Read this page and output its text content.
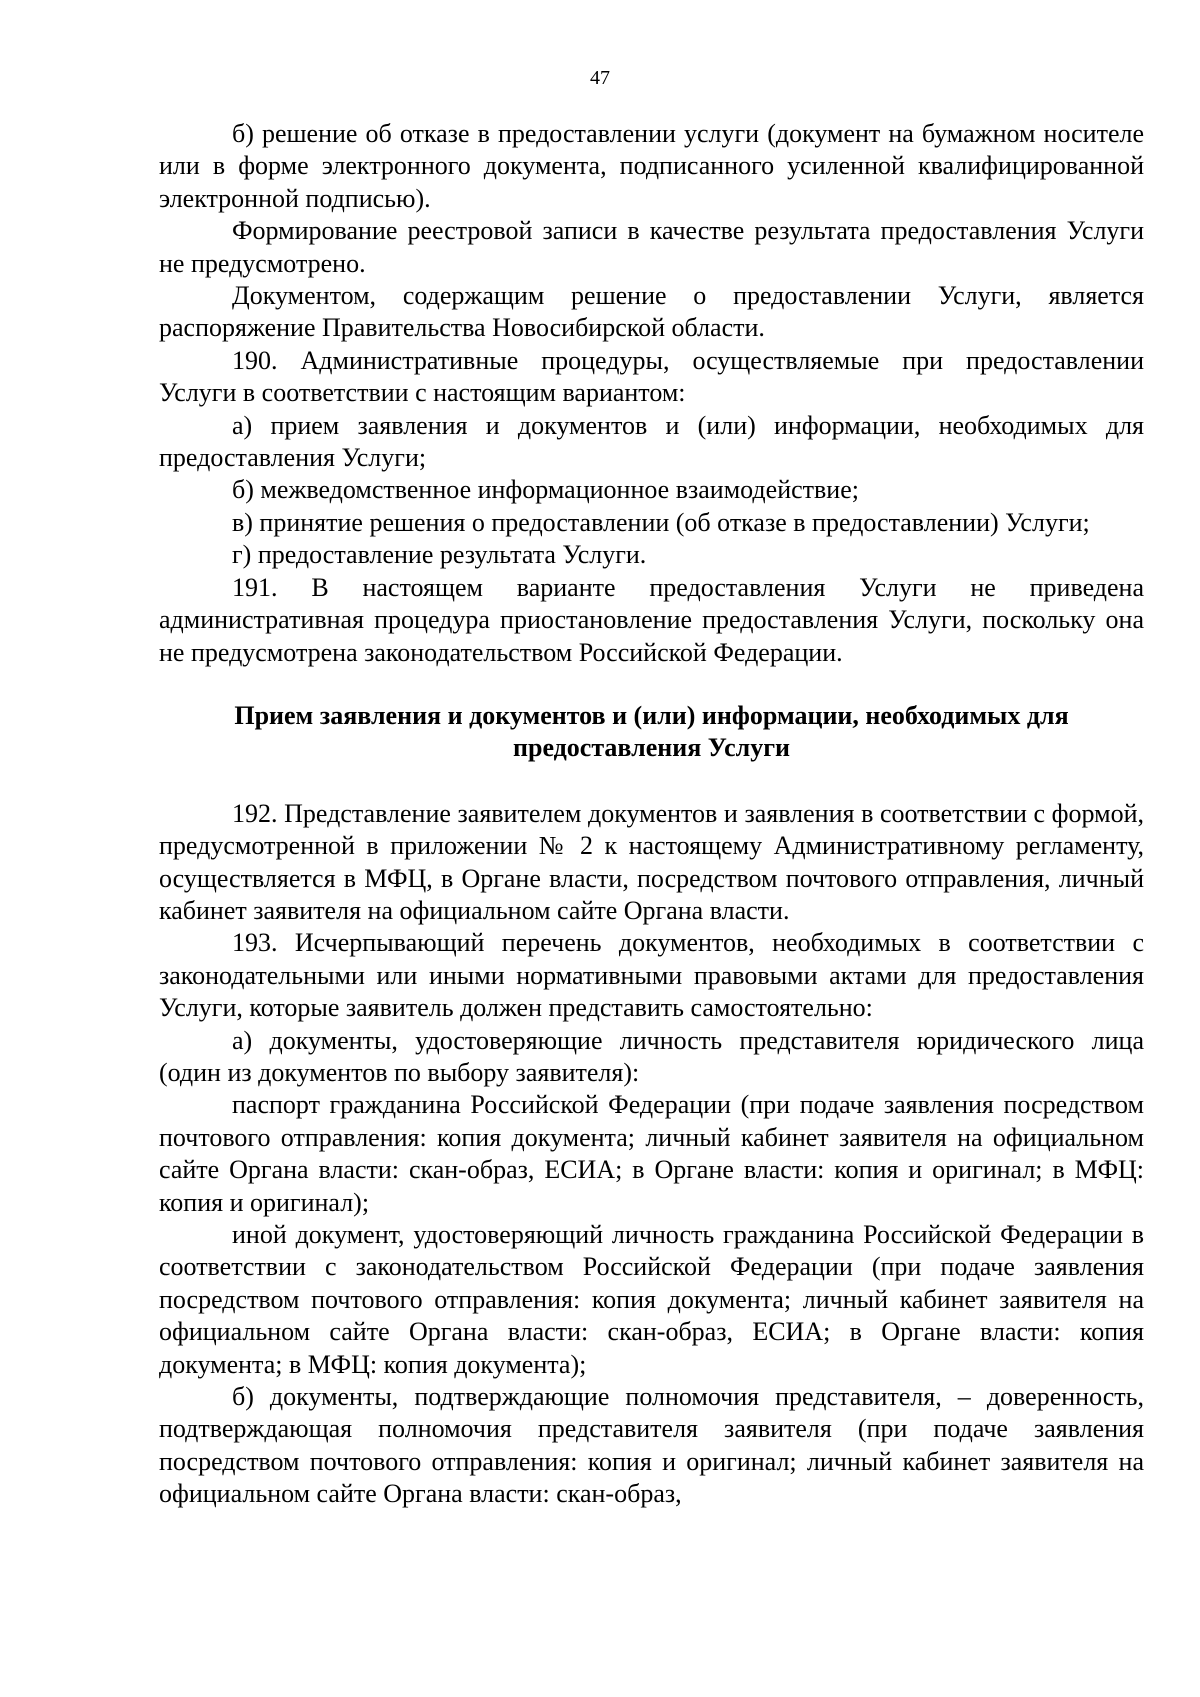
47

б) решение об отказе в предоставлении услуги (документ на бумажном носителе или в форме электронного документа, подписанного усиленной квалифицированной электронной подписью).

Формирование реестровой записи в качестве результата предоставления Услуги не предусмотрено.

Документом, содержащим решение о предоставлении Услуги, является распоряжение Правительства Новосибирской области.

190. Административные процедуры, осуществляемые при предоставлении Услуги в соответствии с настоящим вариантом:

а) прием заявления и документов и (или) информации, необходимых для предоставления Услуги;

б) межведомственное информационное взаимодействие;

в) принятие решения о предоставлении (об отказе в предоставлении) Услуги;

г) предоставление результата Услуги.

191. В настоящем варианте предоставления Услуги не приведена административная процедура приостановление предоставления Услуги, поскольку она не предусмотрена законодательством Российской Федерации.

Прием заявления и документов и (или) информации, необходимых для предоставления Услуги

192. Представление заявителем документов и заявления в соответствии с формой, предусмотренной в приложении № 2 к настоящему Административному регламенту, осуществляется в МФЦ, в Органе власти, посредством почтового отправления, личный кабинет заявителя на официальном сайте Органа власти.

193. Исчерпывающий перечень документов, необходимых в соответствии с законодательными или иными нормативными правовыми актами для предоставления Услуги, которые заявитель должен представить самостоятельно:

а) документы, удостоверяющие личность представителя юридического лица (один из документов по выбору заявителя):

паспорт гражданина Российской Федерации (при подаче заявления посредством почтового отправления: копия документа; личный кабинет заявителя на официальном сайте Органа власти: скан-образ, ЕСИА; в Органе власти: копия и оригинал; в МФЦ: копия и оригинал);

иной документ, удостоверяющий личность гражданина Российской Федерации в соответствии с законодательством Российской Федерации (при подаче заявления посредством почтового отправления: копия документа; личный кабинет заявителя на официальном сайте Органа власти: скан-образ, ЕСИА; в Органе власти: копия документа; в МФЦ: копия документа);

б) документы, подтверждающие полномочия представителя, – доверенность, подтверждающая полномочия представителя заявителя (при подаче заявления посредством почтового отправления: копия и оригинал; личный кабинет заявителя на официальном сайте Органа власти: скан-образ,
